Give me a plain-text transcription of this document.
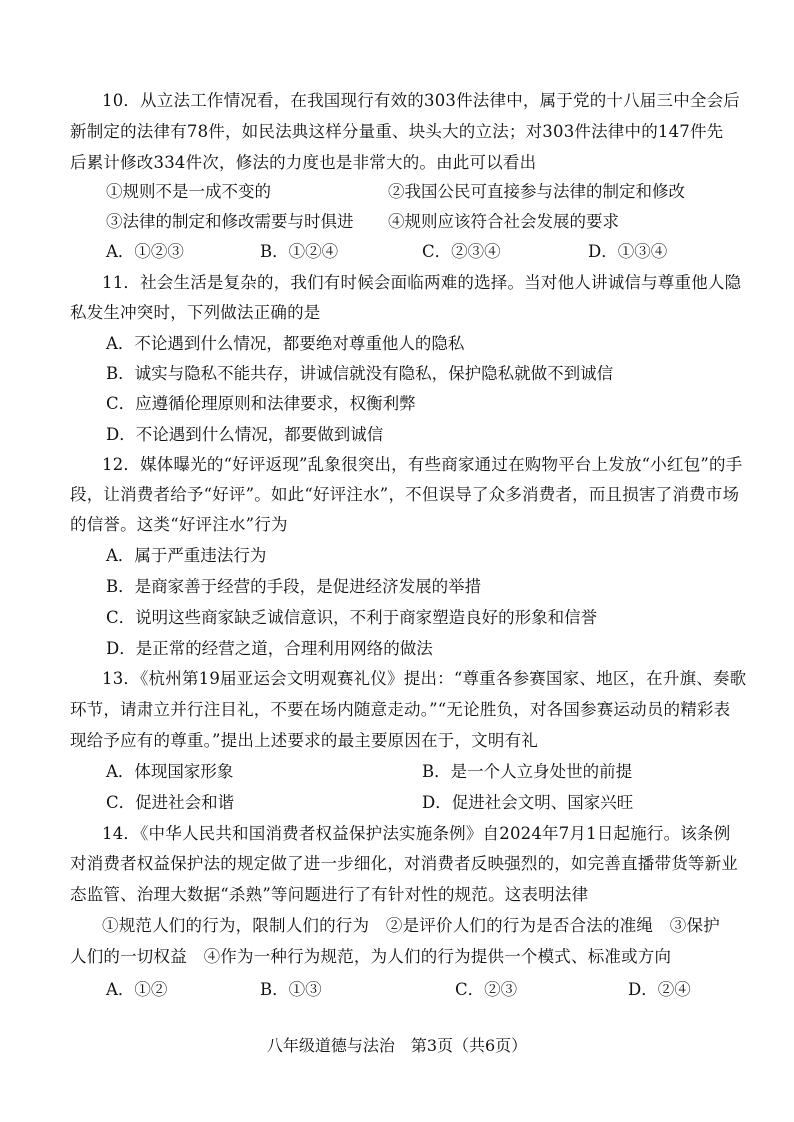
10．从立法工作情况看，在我国现行有效的303件法律中，属于党的十八届三中全会后
新制定的法律有78件，如民法典这样分量重、块头大的立法；对303件法律中的147件先
后累计修改334件次，修法的力度也是非常大的。由此可以看出
①规则不是一成不变的	②我国公民可直接参与法律的制定和修改
③法律的制定和修改需要与时俱进 ④规则应该符合社会发展的要求
A．①②③	B．①②④	C．②③④	D．①③④
11．社会生活是复杂的，我们有时候会面临两难的选择。当对他人讲诚信与尊重他人隐
私发生冲突时，下列做法正确的是
A．不论遇到什么情况，都要绝对尊重他人的隐私
B．诚实与隐私不能共存，讲诚信就没有隐私，保护隐私就做不到诚信
C．应遵循伦理原则和法律要求，权衡利弊
D．不论遇到什么情况，都要做到诚信
12．媒体曝光的“好评返现”乱象很突出，有些商家通过在购物平台上发放“小红包”的手
段，让消费者给予“好评”。如此“好评注水”，不但误导了众多消费者，而且损害了消费市场
的信誉。这类“好评注水”行为
A．属于严重违法行为
B．是商家善于经营的手段，是促进经济发展的举措
C．说明这些商家缺乏诚信意识，不利于商家塑造良好的形象和信誉
D．是正常的经营之道，合理利用网络的做法
13．《杭州第19届亚运会文明观赛礼仪》提出：“尊重各参赛国家、地区，在升旗、奏歌
环节，请肃立并行注目礼，不要在场内随意走动。”“无论胜负，对各国参赛运动员的精彩表
现给予应有的尊重。”提出上述要求的最主要原因在于，文明有礼
A．体现国家形象	B．是一个人立身处世的前提
C．促进社会和谐	D．促进社会文明、国家兴旺
14．《中华人民共和国消费者权益保护法实施条例》自2024年7月1日起施行。该条例
对消费者权益保护法的规定做了进一步细化，对消费者反映强烈的，如完善直播带货等新业
态监管、治理大数据“杀熟”等问题进行了有针对性的规范。这表明法律
①规范人们的行为，限制人们的行为　②是评价人们的行为是否合法的准绳　③保护
人们的一切权益　④作为一种行为规范，为人们的行为提供一个模式、标准或方向
A．①②	B．①③	C．②③	D．②④
八年级道德与法治　第3页（共6页）
